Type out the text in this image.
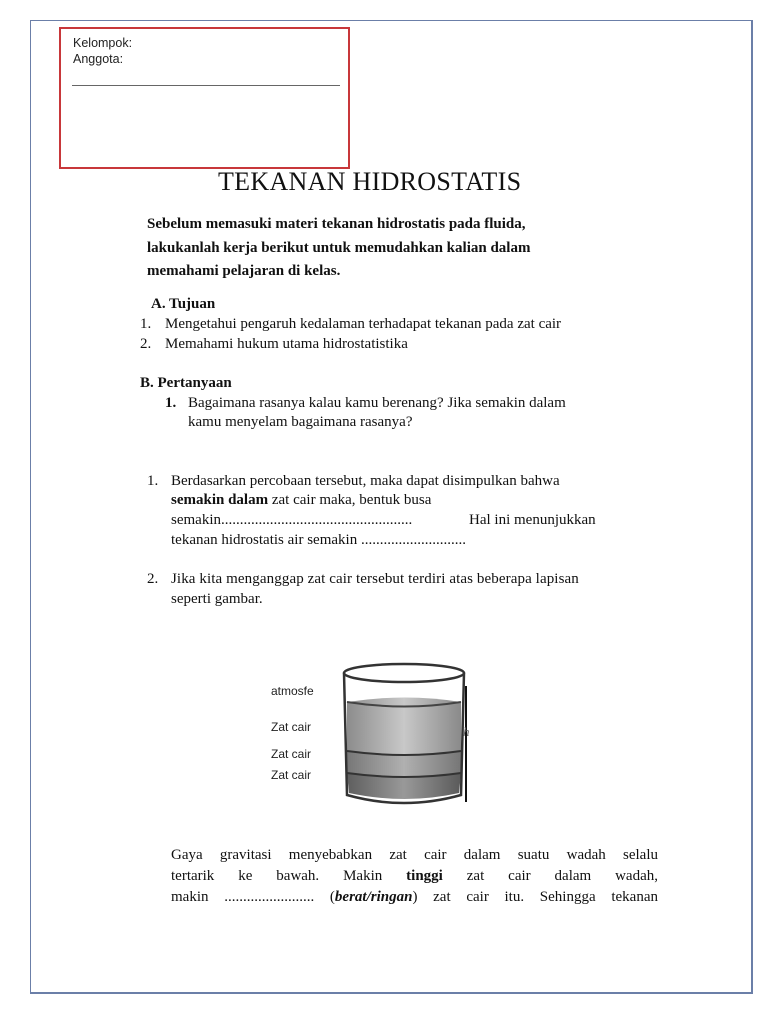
Kelompok:
Anggota:
TEKANAN HIDROSTATIS
Sebelum memasuki materi tekanan hidrostatis pada fluida,
lakukanlah kerja berikut untuk memudahkan kalian dalam
memahami pelajaran di kelas.
A. Tujuan
1. Mengetahui pengaruh kedalaman terhadapat tekanan pada zat cair
2. Memahami hukum utama hidrostatistika
B. Pertanyaan
1. Bagaimana rasanya kalau kamu berenang? Jika semakin dalam
kamu menyelam bagaimana rasanya?
1. Berdasarkan percobaan tersebut, maka dapat disimpulkan bahwa
semakin dalam zat cair maka, bentuk busa
semakin...................................................	Hal ini menunjukkan
tekanan hidrostatis air semakin ............................
2. Jika kita menganggap zat cair tersebut terdiri atas beberapa lapisan
seperti gambar.
atmosfe
Zat cair
Zat cair
Zat cair
h
Gaya gravitasi menyebabkan zat cair dalam suatu wadah selalu
tertarik ke bawah. Makin tinggi zat cair dalam wadah,
makin ........................ (berat/ringan) zat cair itu. Sehingga tekanan
